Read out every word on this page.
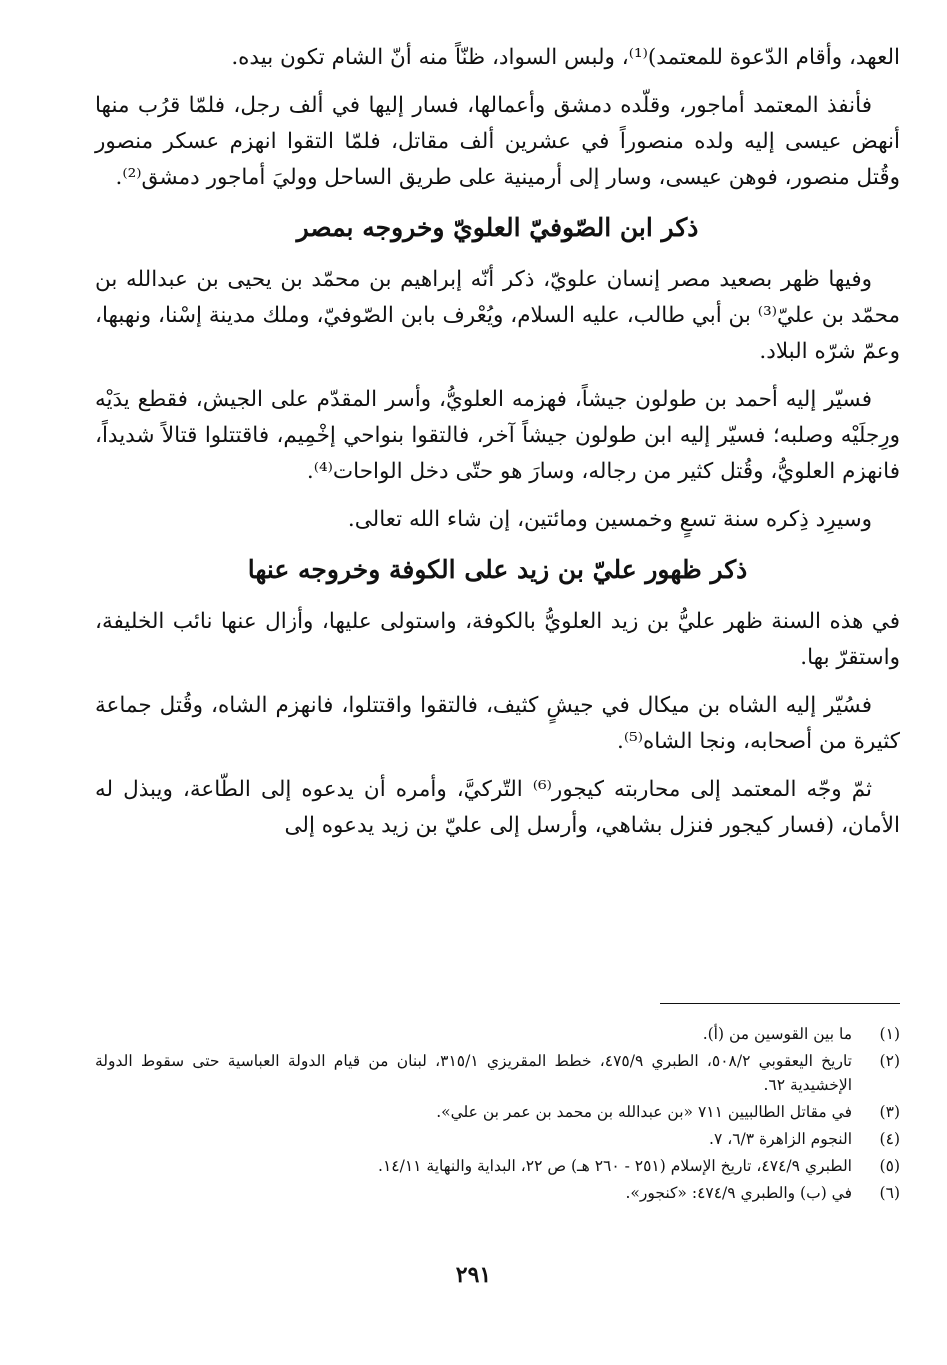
العهد، وأقام الدّعوة للمعتمد)⁽¹⁾، ولبس السواد، ظنّاً منه أنّ الشام تكون بيده.

فأنفذ المعتمد أماجور، وقلّده دمشق وأعمالها، فسار إليها في ألف رجل، فلمّا قرُب منها أنهض عيسى إليه ولده منصوراً في عشرين ألف مقاتل، فلمّا التقوا انهزم عسكر منصور وقُتل منصور، فوهن عيسى، وسار إلى أرمينية على طريق الساحل ووليَ أماجور دمشق⁽²⁾.

ذكر ابن الصّوفيّ العلويّ وخروجه بمصر

وفيها ظهر بصعيد مصر إنسان علويّ، ذكر أنّه إبراهيم بن محمّد بن يحيى بن عبدالله بن محمّد بن عليّ⁽³⁾ بن أبي طالب، عليه السلام، ويُعْرف بابن الصّوفيّ، وملك مدينة إسْنا، ونهبها، وعمّ شرّه البلاد.

فسيّر إليه أحمد بن طولون جيشاً، فهزمه العلويُّ، وأسر المقدّم على الجيش، فقطع يدَيْه ورِجلَيْه وصلبه؛ فسيّر إليه ابن طولون جيشاً آخر، فالتقوا بنواحي إخْمِيم، فاقتتلوا قتالاً شديداً، فانهزم العلويُّ، وقُتل كثير من رجاله، وسارَ هو حتّى دخل الواحات⁽⁴⁾.

وسيرِد ذِكره سنة تسعٍ وخمسين ومائتين، إن شاء الله تعالى.

ذكر ظهور عليّ بن زيد على الكوفة وخروجه عنها

في هذه السنة ظهر عليُّ بن زيد العلويُّ بالكوفة، واستولى عليها، وأزال عنها نائب الخليفة، واستقرّ بها.

فسُيّر إليه الشاه بن ميكال في جيشٍ كثيف، فالتقوا واقتتلوا، فانهزم الشاه، وقُتل جماعة كثيرة من أصحابه، ونجا الشاه⁽⁵⁾.

ثمّ وجّه المعتمد إلى محاربته كيجور⁽⁶⁾ التّركيَّ، وأمره أن يدعوه إلى الطّاعة، ويبذل له الأمان، (فسار كيجور فنزل بشاهي، وأرسل إلى عليّ بن زيد يدعوه إلى

(١)
ما بين القوسين من (أ).
(٢)
تاريخ اليعقوبي ٥٠٨/٢، الطبري ٤٧٥/٩، خطط المقريزي ٣١٥/١، لبنان من قيام الدولة العباسية حتى سقوط الدولة الإخشيدية ٦٢.
(٣)
في مقاتل الطالبيين ٧١١ «بن عبدالله بن محمد بن عمر بن علي».
(٤)
النجوم الزاهرة ٦/٣، ٧.
(٥)
الطبري ٤٧٤/٩، تاريخ الإسلام (٢٥١ - ٢٦٠ هـ) ص ٢٢، البداية والنهاية ١٤/١١.
(٦)
في (ب) والطبري ٤٧٤/٩: «كنجور».
٢٩١
